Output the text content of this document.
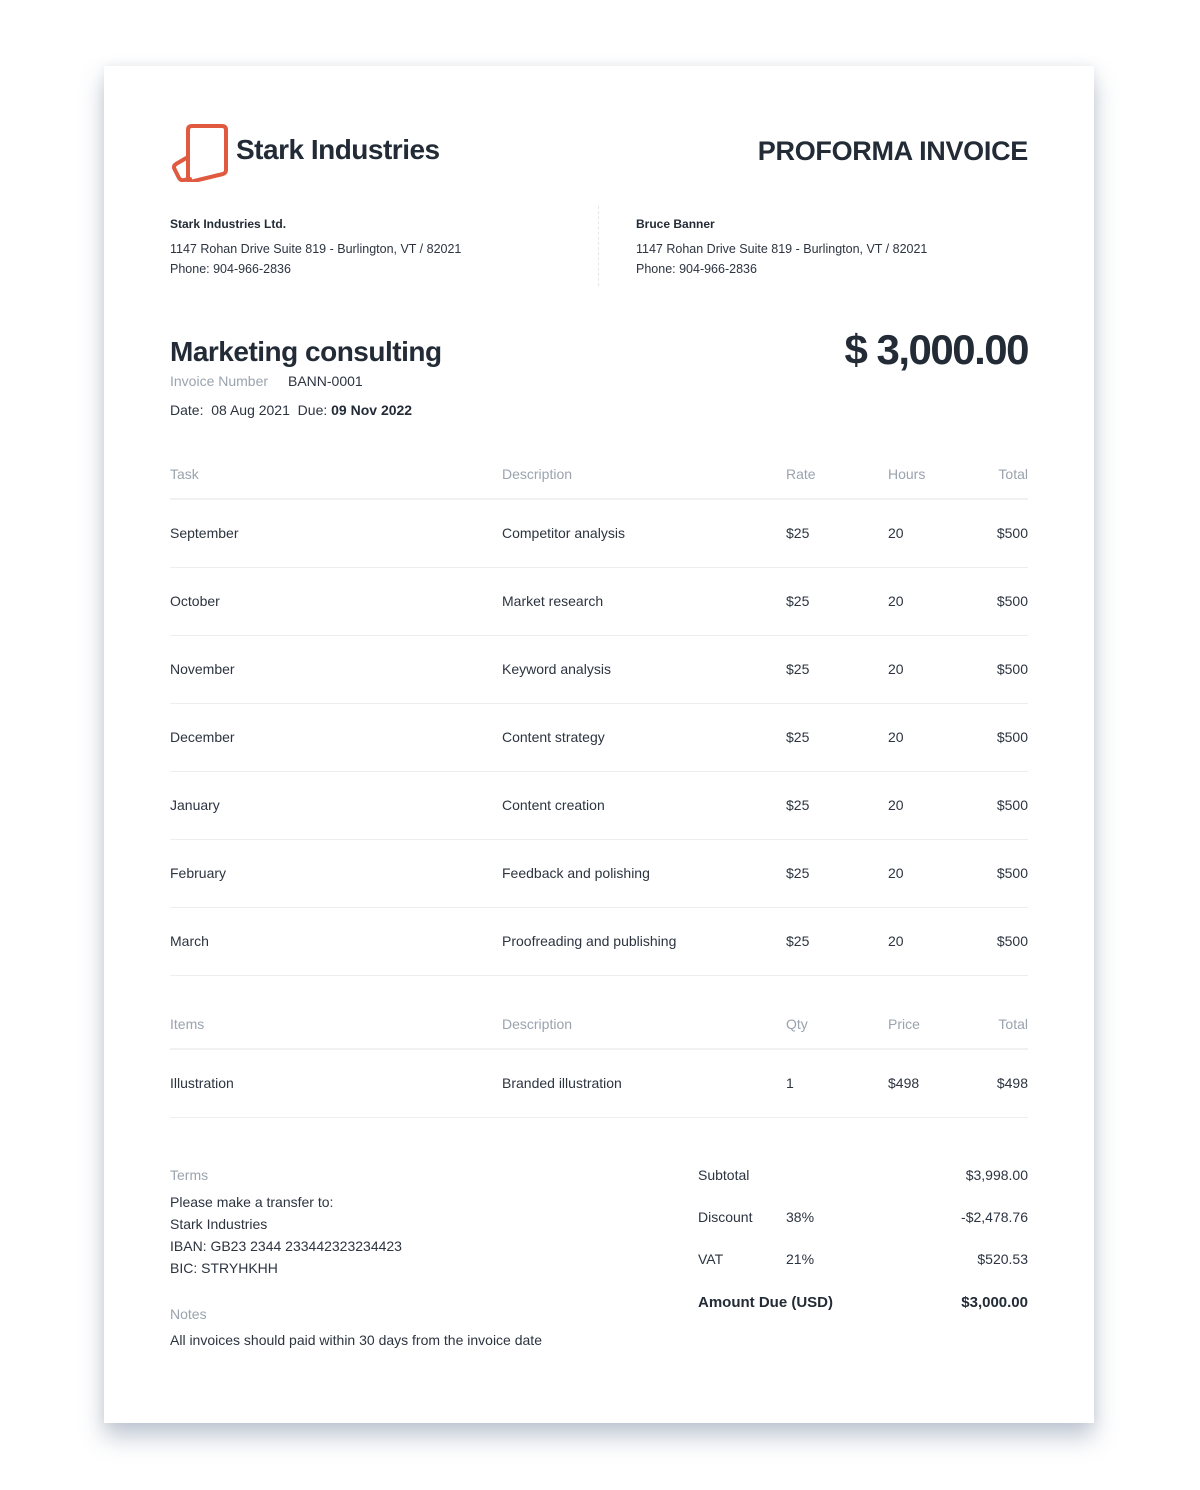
Stark Industries	PROFORMA INVOICE
Stark Industries Ltd.
1147 Rohan Drive Suite 819 - Burlington, VT / 82021
Phone: 904-966-2836
Bruce Banner
1147 Rohan Drive Suite 819 - Burlington, VT / 82021
Phone: 904-966-2836
Marketing consulting
Invoice Number BANN-0001
Date: 08 Aug 2021 Due: 09 Nov 2022
$ 3,000.00
Task	Description	Rate	Hours	Total
September	Competitor analysis	$25	20	$500
October	Market research	$25	20	$500
November	Keyword analysis	$25	20	$500
December	Content strategy	$25	20	$500
January	Content creation	$25	20	$500
February	Feedback and polishing	$25	20	$500
March	Proofreading and publishing	$25	20	$500
Items	Description	Qty	Price	Total
Illustration	Branded illustration	1	$498	$498
Terms
Please make a transfer to:
Stark Industries
IBAN: GB23 2344 233442323234423
BIC: STRYHKHH
Notes
All invoices should paid within 30 days from the invoice date
Subtotal	$3,998.00
Discount 38%	-$2,478.76
VAT	21%	$520.53
Amount Due (USD)	$3,000.00
